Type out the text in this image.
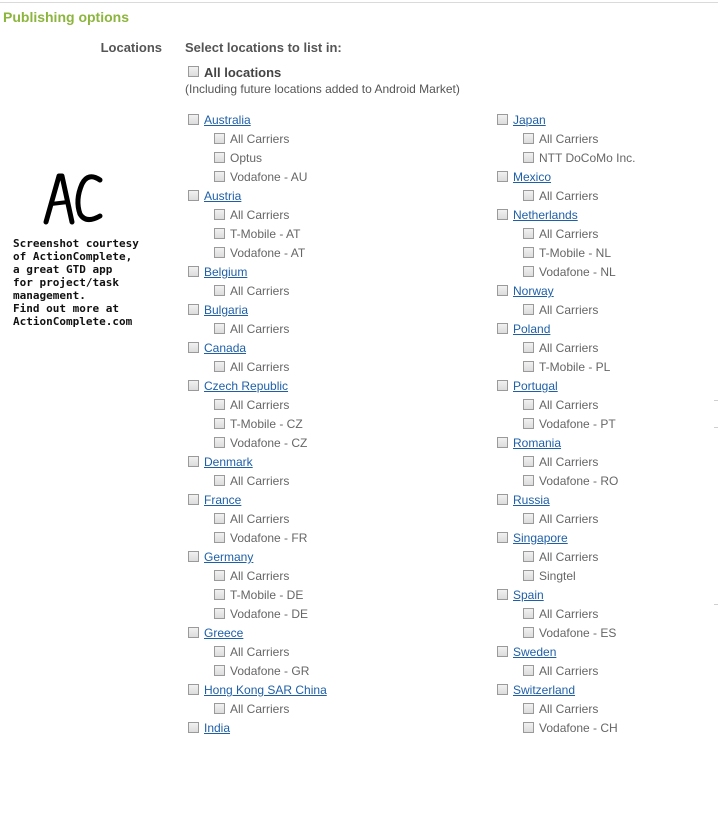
Publishing options
Locations Select locations to list in:
All locations
(Including future locations added to Android Market)
Australia
All Carriers
Optus
Vodafone - AU
Austria
All Carriers
T-Mobile - AT
Vodafone - AT
Belgium
All Carriers
Bulgaria
All Carriers
Canada
All Carriers
Czech Republic
All Carriers
T-Mobile - CZ
Vodafone - CZ
Denmark
All Carriers
France
All Carriers
Vodafone - FR
Germany
All Carriers
T-Mobile - DE
Vodafone - DE
Greece
All Carriers
Vodafone - GR
Hong Kong SAR China
All Carriers
India
Japan
All Carriers
NTT DoCoMo Inc.
Mexico
All Carriers
Netherlands
All Carriers
T-Mobile - NL
Vodafone - NL
Norway
All Carriers
Poland
All Carriers
T-Mobile - PL
Portugal
All Carriers
Vodafone - PT
Romania
All Carriers
Vodafone - RO
Russia
All Carriers
Singapore
All Carriers
Singtel
Spain
All Carriers
Vodafone - ES
Sweden
All Carriers
Switzerland
All Carriers
Vodafone - CH
Screenshot courtesy
of ActionComplete,
a great GTD app
for project/task
management.
Find out more at
ActionComplete.com
